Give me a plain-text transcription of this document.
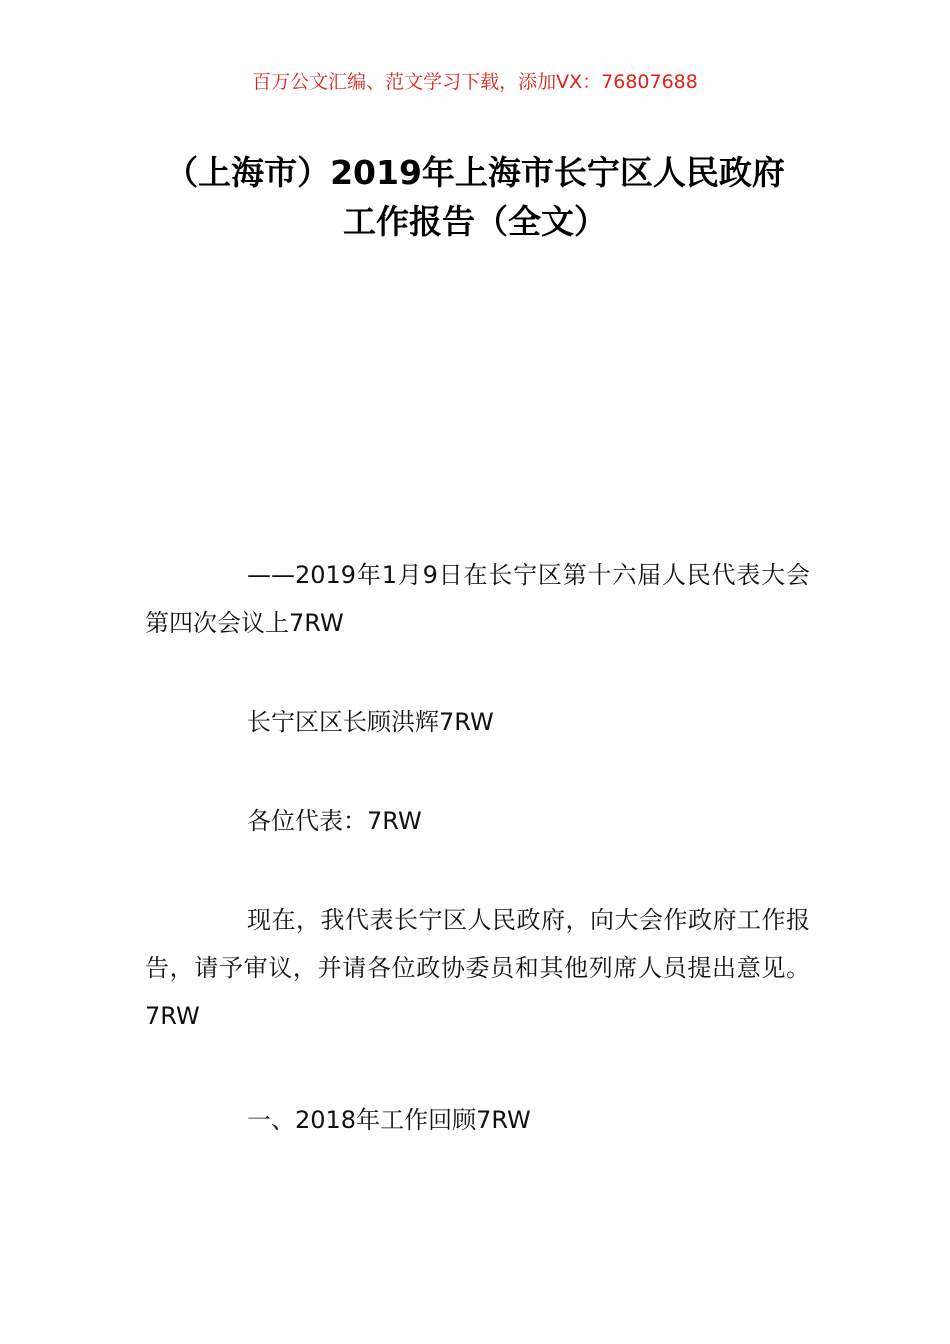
百万公文汇编、范文学习下载，添加VX：76807688
（上海市）2019年上海市长宁区人民政府
工作报告（全文）

——2019年1月9日在长宁区第十六届人民代表大会第四次会议上7RW

长宁区区长顾洪辉7RW

各位代表：7RW

现在，我代表长宁区人民政府，向大会作政府工作报告，请予审议，并请各位政协委员和其他列席人员提出意见。7RW

一、2018年工作回顾7RW
